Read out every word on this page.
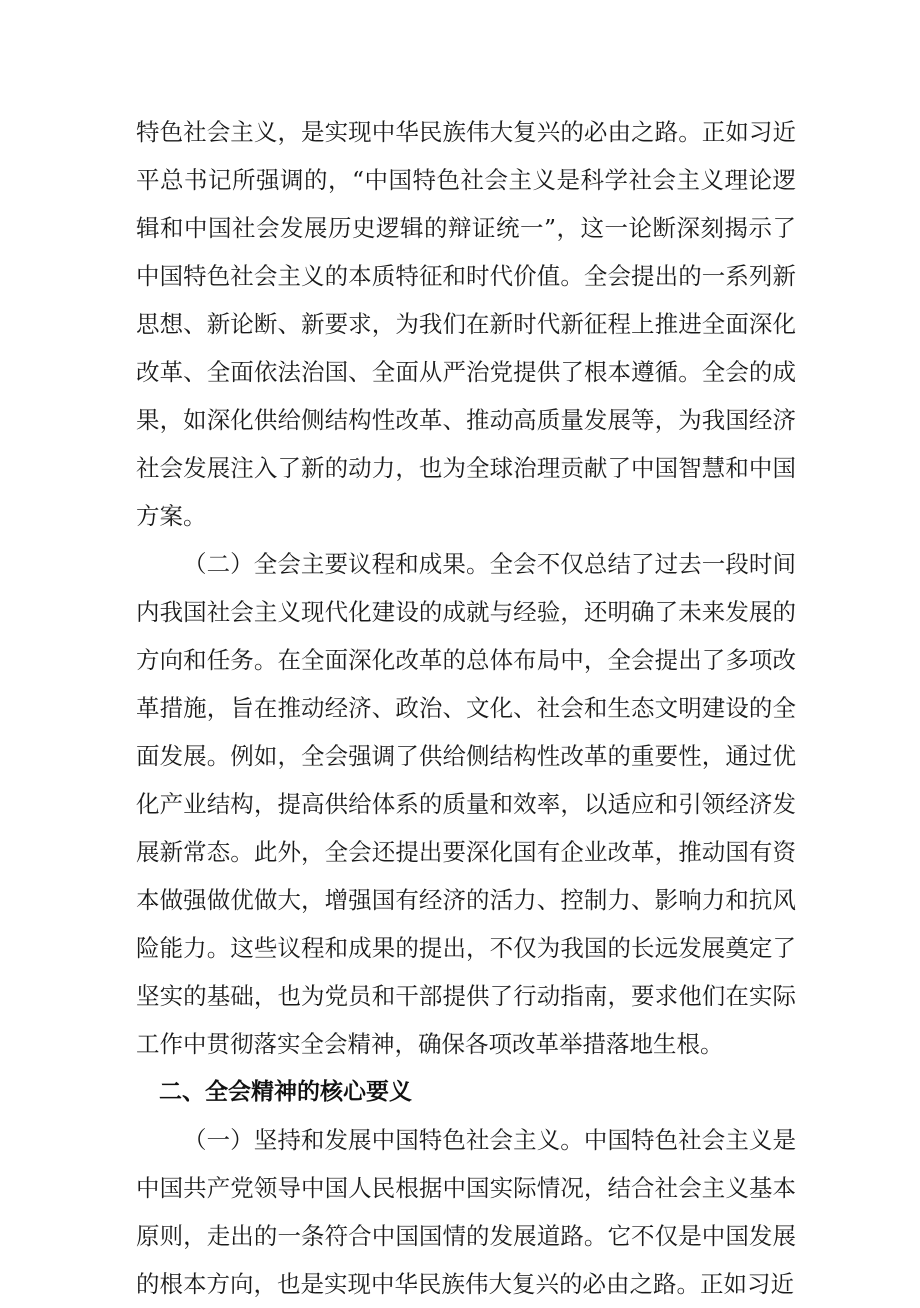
特色社会主义，是实现中华民族伟大复兴的必由之路。正如习近平总书记所强调的，“中国特色社会主义是科学社会主义理论逻辑和中国社会发展历史逻辑的辩证统一”，这一论断深刻揭示了中国特色社会主义的本质特征和时代价值。全会提出的一系列新思想、新论断、新要求，为我们在新时代新征程上推进全面深化改革、全面依法治国、全面从严治党提供了根本遵循。全会的成果，如深化供给侧结构性改革、推动高质量发展等，为我国经济社会发展注入了新的动力，也为全球治理贡献了中国智慧和中国方案。

（二）全会主要议程和成果。全会不仅总结了过去一段时间内我国社会主义现代化建设的成就与经验，还明确了未来发展的方向和任务。在全面深化改革的总体布局中，全会提出了多项改革措施，旨在推动经济、政治、文化、社会和生态文明建设的全面发展。例如，全会强调了供给侧结构性改革的重要性，通过优化产业结构，提高供给体系的质量和效率，以适应和引领经济发展新常态。此外，全会还提出要深化国有企业改革，推动国有资本做强做优做大，增强国有经济的活力、控制力、影响力和抗风险能力。这些议程和成果的提出，不仅为我国的长远发展奠定了坚实的基础，也为党员和干部提供了行动指南，要求他们在实际工作中贯彻落实全会精神，确保各项改革举措落地生根。

二、全会精神的核心要义

（一）坚持和发展中国特色社会主义。中国特色社会主义是中国共产党领导中国人民根据中国实际情况，结合社会主义基本原则，走出的一条符合中国国情的发展道路。它不仅是中国发展的根本方向，也是实现中华民族伟大复兴的必由之路。正如习近
